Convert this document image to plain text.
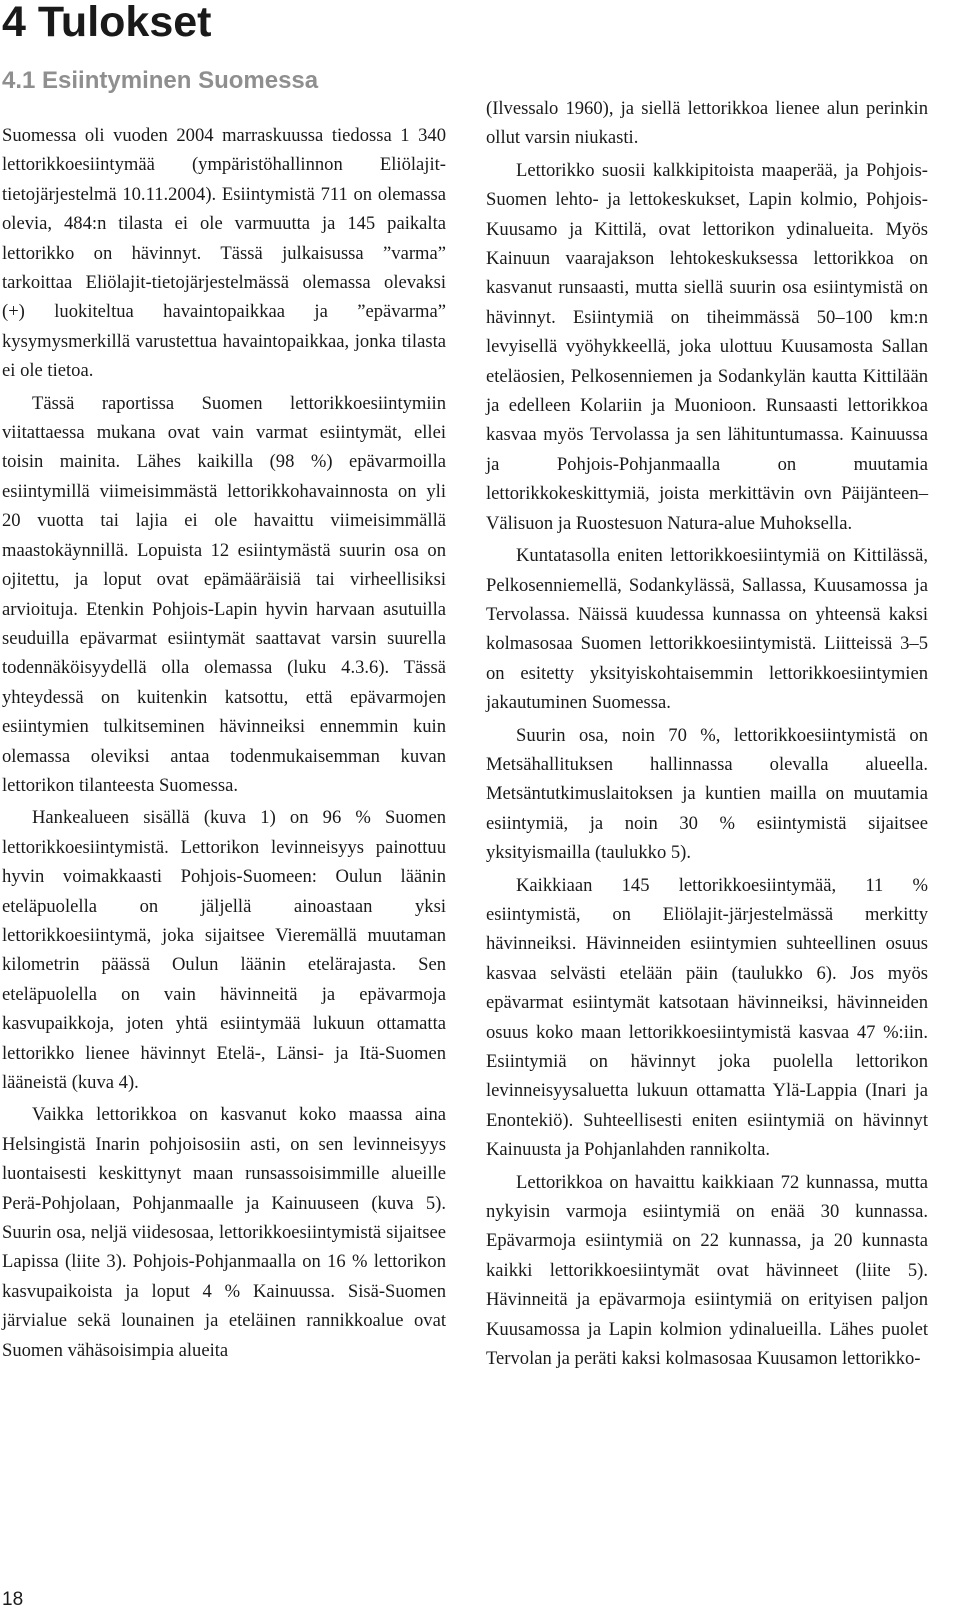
4 Tulokset
4.1 Esiintyminen Suomessa

Suomessa oli vuoden 2004 marraskuussa tiedossa 1 340 lettorikkoesiintymää (ympäristöhallinnon Eliölajit-tietojärjestelmä 10.11.2004). Esiintymistä 711 on olemassa olevia, 484:n tilasta ei ole varmuutta ja 145 paikalta lettorikko on hävinnyt. Tässä julkaisussa ”varma” tarkoittaa Eliölajit-tietojärjestelmässä olemassa olevaksi (+) luokiteltua havaintopaikkaa ja ”epävarma” kysymysmerkillä varustettua havaintopaikkaa, jonka tilasta ei ole tietoa.

Tässä raportissa Suomen lettorikkoesiintymiin viitattaessa mukana ovat vain varmat esiintymät, ellei toisin mainita. Lähes kaikilla (98 %) epävarmoilla esiintymillä viimeisimmästä lettorikkohavainnosta on yli 20 vuotta tai lajia ei ole havaittu viimeisimmällä maastokäynnillä. Lopuista 12 esiintymästä suurin osa on ojitettu, ja loput ovat epämääräisiä tai virheellisiksi arvioituja. Etenkin Pohjois-Lapin hyvin harvaan asutuilla seuduilla epävarmat esiintymät saattavat varsin suurella todennäköisyydellä olla olemassa (luku 4.3.6). Tässä yhteydessä on kuitenkin katsottu, että epävarmojen esiintymien tulkitseminen hävinneiksi ennemmin kuin olemassa oleviksi antaa todenmukaisemman kuvan lettorikon tilanteesta Suomessa.

Hankealueen sisällä (kuva 1) on 96 % Suomen lettorikkoesiintymistä. Lettorikon levinneisyys painottuu hyvin voimakkaasti Pohjois-Suomeen: Oulun läänin eteläpuolella on jäljellä ainoastaan yksi lettorikkoesiintymä, joka sijaitsee Vieremällä muutaman kilometrin päässä Oulun läänin etelärajasta. Sen eteläpuolella on vain hävinneitä ja epävarmoja kasvupaikkoja, joten yhtä esiintymää lukuun ottamatta lettorikko lienee hävinnyt Etelä-, Länsi- ja Itä-Suomen lääneistä (kuva 4).

Vaikka lettorikkoa on kasvanut koko maassa aina Helsingistä Inarin pohjoisosiin asti, on sen levinneisyys luontaisesti keskittynyt maan runsassoisimmille alueille Perä-Pohjolaan, Pohjanmaalle ja Kainuuseen (kuva 5). Suurin osa, neljä viidesosaa, lettorikkoesiintymistä sijaitsee Lapissa (liite 3). Pohjois-Pohjanmaalla on 16 % lettorikon kasvupaikoista ja loput 4 % Kainuussa. Sisä-Suomen järvialue sekä lounainen ja eteläinen rannikkoalue ovat Suomen vähäsoisimpia alueita

(Ilvessalo 1960), ja siellä lettorikkoa lienee alun perinkin ollut varsin niukasti.

Lettorikko suosii kalkkipitoista maaperää, ja Pohjois-Suomen lehto- ja lettokeskukset, Lapin kolmio, Pohjois-Kuusamo ja Kittilä, ovat lettorikon ydinalueita. Myös Kainuun vaarajakson lehtokeskuksessa lettorikkoa on kasvanut runsaasti, mutta siellä suurin osa esiintymistä on hävinnyt. Esiintymiä on tiheimmässä 50–100 km:n levyisellä vyöhykkeellä, joka ulottuu Kuusamosta Sallan eteläosien, Pelkosenniemen ja Sodankylän kautta Kittilään ja edelleen Kolariin ja Muonioon. Runsaasti lettorikkoa kasvaa myös Tervolassa ja sen lähituntumassa. Kainuussa ja Pohjois-Pohjanmaalla on muutamia lettorikkokeskittymiä, joista merkittävin ovn Päijänteen–Välisuon ja Ruostesuon Natura-alue Muhoksella.

Kuntatasolla eniten lettorikkoesiintymiä on Kittilässä, Pelkosenniemellä, Sodankylässä, Sallassa, Kuusamossa ja Tervolassa. Näissä kuudessa kunnassa on yhteensä kaksi kolmasosaa Suomen lettorikkoesiintymistä. Liitteissä 3–5 on esitetty yksityiskohtaisemmin lettorikkoesiintymien jakautuminen Suomessa.

Suurin osa, noin 70 %, lettorikkoesiintymistä on Metsähallituksen hallinnassa olevalla alueella. Metsäntutkimuslaitoksen ja kuntien mailla on muutamia esiintymiä, ja noin 30 % esiintymistä sijaitsee yksityismailla (taulukko 5).

Kaikkiaan 145 lettorikkoesiintymää, 11 % esiintymistä, on Eliölajit-järjestelmässä merkitty hävinneiksi. Hävinneiden esiintymien suhteellinen osuus kasvaa selvästi etelään päin (taulukko 6). Jos myös epävarmat esiintymät katsotaan hävinneiksi, hävinneiden osuus koko maan lettorikkoesiintymistä kasvaa 47 %:iin. Esiintymiä on hävinnyt joka puolella lettorikon levinneisyysaluetta lukuun ottamatta Ylä-Lappia (Inari ja Enontekiö). Suhteellisesti eniten esiintymiä on hävinnyt Kainuusta ja Pohjanlahden rannikolta.

Lettorikkoa on havaittu kaikkiaan 72 kunnassa, mutta nykyisin varmoja esiintymiä on enää 30 kunnassa. Epävarmoja esiintymiä on 22 kunnassa, ja 20 kunnasta kaikki lettorikkoesiintymät ovat hävinneet (liite 5). Hävinneitä ja epävarmoja esiintymiä on erityisen paljon Kuusamossa ja Lapin kolmion ydinalueilla. Lähes puolet Tervolan ja peräti kaksi kolmasosaa Kuusamon lettorikko-

18
